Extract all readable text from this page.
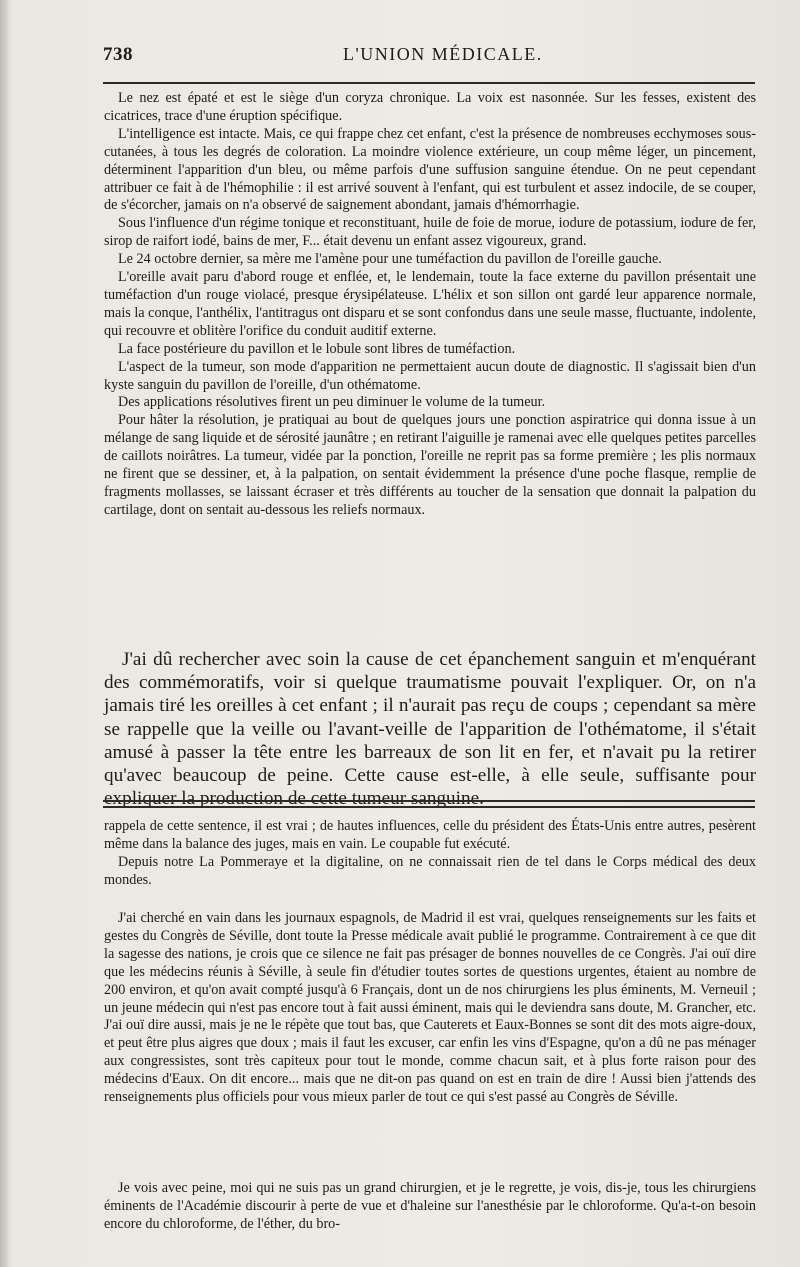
738	L'UNION MÉDICALE.

Le nez est épaté et est le siège d'un coryza chronique. La voix est nasonnée. Sur les fesses, existent des cicatrices, trace d'une éruption spécifique.

L'intelligence est intacte. Mais, ce qui frappe chez cet enfant, c'est la présence de nombreuses ecchymoses sous-cutanées, à tous les degrés de coloration. La moindre violence extérieure, un coup même léger, un pincement, déterminent l'apparition d'un bleu, ou même parfois d'une suffusion sanguine étendue. On ne peut cependant attribuer ce fait à de l'hémophilie : il est arrivé souvent à l'enfant, qui est turbulent et assez indocile, de se couper, de s'écorcher, jamais on n'a observé de saignement abondant, jamais d'hémorrhagie.

Sous l'influence d'un régime tonique et reconstituant, huile de foie de morue, iodure de potassium, iodure de fer, sirop de raifort iodé, bains de mer, F... était devenu un enfant assez vigoureux, grand.

Le 24 octobre dernier, sa mère me l'amène pour une tuméfaction du pavillon de l'oreille gauche.

L'oreille avait paru d'abord rouge et enflée, et, le lendemain, toute la face externe du pavillon présentait une tuméfaction d'un rouge violacé, presque érysipélateuse. L'hélix et son sillon ont gardé leur apparence normale, mais la conque, l'anthélix, l'antitragus ont disparu et se sont confondus dans une seule masse, fluctuante, indolente, qui recouvre et oblitère l'orifice du conduit auditif externe.

La face postérieure du pavillon et le lobule sont libres de tuméfaction.

L'aspect de la tumeur, son mode d'apparition ne permettaient aucun doute de diagnostic. Il s'agissait bien d'un kyste sanguin du pavillon de l'oreille, d'un othématome.

Des applications résolutives firent un peu diminuer le volume de la tumeur.

Pour hâter la résolution, je pratiquai au bout de quelques jours une ponction aspiratrice qui donna issue à un mélange de sang liquide et de sérosité jaunâtre ; en retirant l'aiguille je ramenai avec elle quelques petites parcelles de caillots noirâtres. La tumeur, vidée par la ponction, l'oreille ne reprit pas sa forme première ; les plis normaux ne firent que se dessiner, et, à la palpation, on sentait évidemment la présence d'une poche flasque, remplie de fragments mollasses, se laissant écraser et très différents au toucher de la sensation que donnait la palpation du cartilage, dont on sentait au-dessous les reliefs normaux.

J'ai dû rechercher avec soin la cause de cet épanchement sanguin et m'enquérant des commémoratifs, voir si quelque traumatisme pouvait l'expliquer. Or, on n'a jamais tiré les oreilles à cet enfant ; il n'aurait pas reçu de coups ; cependant sa mère se rappelle que la veille ou l'avant-veille de l'apparition de l'othématome, il s'était amusé à passer la tête entre les barreaux de son lit en fer, et n'avait pu la retirer qu'avec beaucoup de peine. Cette cause est-elle, à elle seule, suffisante pour expliquer la production de cette tumeur sanguine.

rappela de cette sentence, il est vrai ; de hautes influences, celle du président des États-Unis entre autres, pesèrent même dans la balance des juges, mais en vain. Le coupable fut exécuté.

Depuis notre La Pommeraye et la digitaline, on ne connaissait rien de tel dans le Corps médical des deux mondes.

J'ai cherché en vain dans les journaux espagnols, de Madrid il est vrai, quelques renseignements sur les faits et gestes du Congrès de Séville, dont toute la Presse médicale avait publié le programme. Contrairement à ce que dit la sagesse des nations, je crois que ce silence ne fait pas présager de bonnes nouvelles de ce Congrès. J'ai ouï dire que les médecins réunis à Séville, à seule fin d'étudier toutes sortes de questions urgentes, étaient au nombre de 200 environ, et qu'on avait compté jusqu'à 6 Français, dont un de nos chirurgiens les plus éminents, M. Verneuil ; un jeune médecin qui n'est pas encore tout à fait aussi éminent, mais qui le deviendra sans doute, M. Grancher, etc. J'ai ouï dire aussi, mais je ne le répète que tout bas, que Cauterets et Eaux-Bonnes se sont dit des mots aigre-doux, et peut être plus aigres que doux ; mais il faut les excuser, car enfin les vins d'Espagne, qu'on a dû ne pas ménager aux congressistes, sont très capiteux pour tout le monde, comme chacun sait, et à plus forte raison pour des médecins d'Eaux. On dit encore... mais que ne dit-on pas quand on est en train de dire ! Aussi bien j'attends des renseignements plus officiels pour vous mieux parler de tout ce qui s'est passé au Congrès de Séville.

Je vois avec peine, moi qui ne suis pas un grand chirurgien, et je le regrette, je vois, dis-je, tous les chirurgiens éminents de l'Académie discourir à perte de vue et d'haleine sur l'anesthésie par le chloroforme. Qu'a-t-on besoin encore du chloroforme, de l'éther, du bro-
